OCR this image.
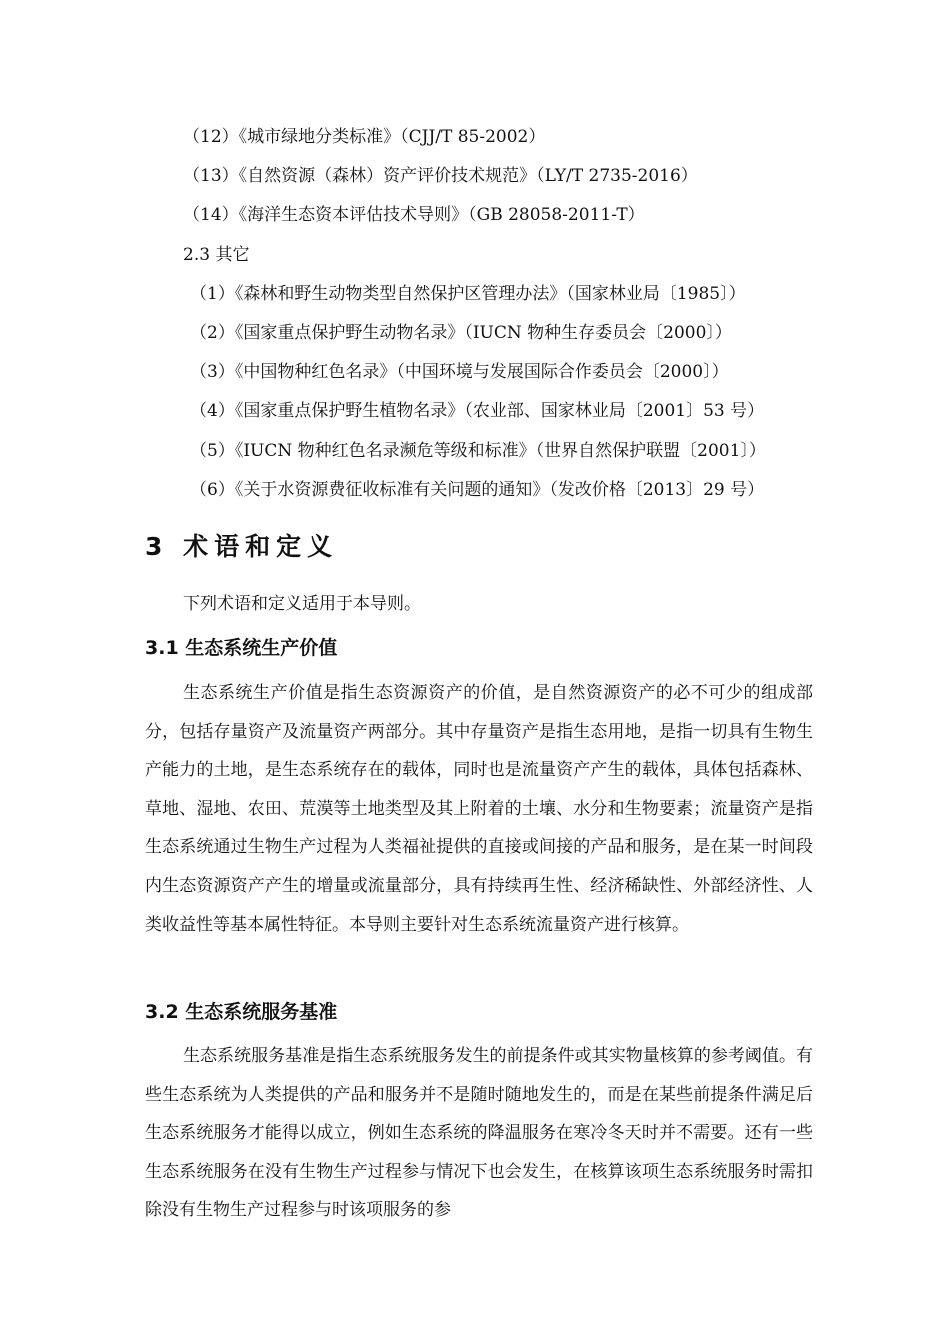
（12）《城市绿地分类标准》（CJJ/T 85-2002）
（13）《自然资源（森林）资产评价技术规范》（LY/T 2735-2016）
（14）《海洋生态资本评估技术导则》（GB 28058-2011-T）
2.3 其它
（1）《森林和野生动物类型自然保护区管理办法》（国家林业局〔1985〕）
（2）《国家重点保护野生动物名录》（IUCN 物种生存委员会〔2000〕）
（3）《中国物种红色名录》（中国环境与发展国际合作委员会〔2000〕）
（4）《国家重点保护野生植物名录》（农业部、国家林业局〔2001〕53 号）
（5）《IUCN 物种红色名录濒危等级和标准》（世界自然保护联盟〔2001〕）
（6）《关于水资源费征收标准有关问题的通知》（发改价格〔2013〕29 号）
3 术语和定义
下列术语和定义适用于本导则。
3.1 生态系统生产价值

生态系统生产价值是指生态资源资产的价值，是自然资源资产的必不可少的组成部分，包括存量资产及流量资产两部分。其中存量资产是指生态用地，是指一切具有生物生产能力的土地，是生态系统存在的载体，同时也是流量资产产生的载体，具体包括森林、草地、湿地、农田、荒漠等土地类型及其上附着的土壤、水分和生物要素；流量资产是指生态系统通过生物生产过程为人类福祉提供的直接或间接的产品和服务，是在某一时间段内生态资源资产产生的增量或流量部分，具有持续再生性、经济稀缺性、外部经济性、人类收益性等基本属性特征。本导则主要针对生态系统流量资产进行核算。

3.2 生态系统服务基准

生态系统服务基准是指生态系统服务发生的前提条件或其实物量核算的参考阈值。有些生态系统为人类提供的产品和服务并不是随时随地发生的，而是在某些前提条件满足后生态系统服务才能得以成立，例如生态系统的降温服务在寒冷冬天时并不需要。还有一些生态系统服务在没有生物生产过程参与情况下也会发生，在核算该项生态系统服务时需扣除没有生物生产过程参与时该项服务的参
